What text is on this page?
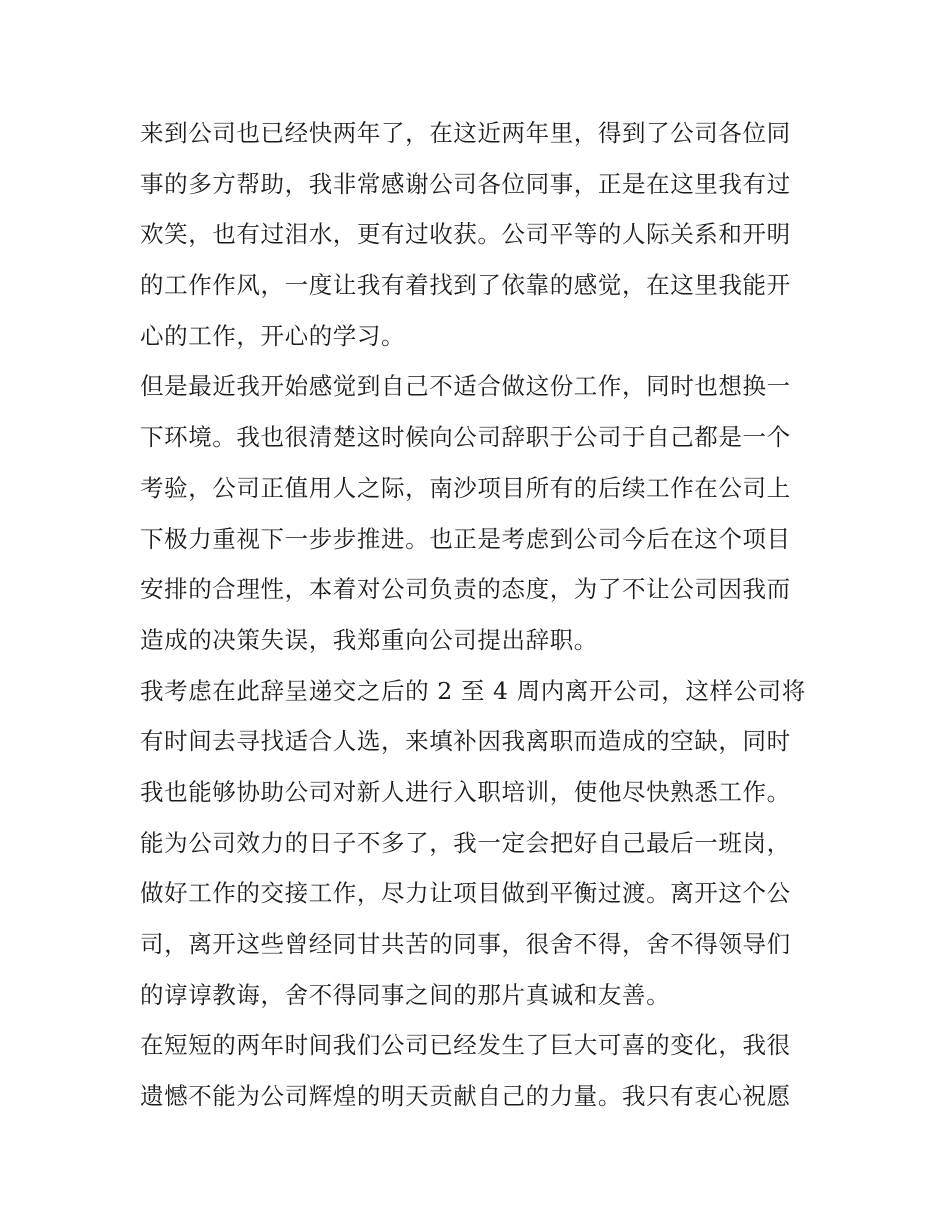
来到公司也已经快两年了，在这近两年里，得到了公司各位同
事的多方帮助，我非常感谢公司各位同事，正是在这里我有过
欢笑，也有过泪水，更有过收获。公司平等的人际关系和开明
的工作作风，一度让我有着找到了依靠的感觉，在这里我能开
心的工作，开心的学习。
但是最近我开始感觉到自己不适合做这份工作，同时也想换一
下环境。我也很清楚这时候向公司辞职于公司于自己都是一个
考验，公司正值用人之际，南沙项目所有的后续工作在公司上
下极力重视下一步步推进。也正是考虑到公司今后在这个项目
安排的合理性，本着对公司负责的态度，为了不让公司因我而
造成的决策失误，我郑重向公司提出辞职。
我考虑在此辞呈递交之后的 2 至 4 周内离开公司，这样公司将
有时间去寻找适合人选，来填补因我离职而造成的空缺，同时
我也能够协助公司对新人进行入职培训，使他尽快熟悉工作。
能为公司效力的日子不多了，我一定会把好自己最后一班岗，
做好工作的交接工作，尽力让项目做到平衡过渡。离开这个公
司，离开这些曾经同甘共苦的同事，很舍不得，舍不得领导们
的谆谆教诲，舍不得同事之间的那片真诚和友善。
在短短的两年时间我们公司已经发生了巨大可喜的变化，我很
遗憾不能为公司辉煌的明天贡献自己的力量。我只有衷心祝愿
